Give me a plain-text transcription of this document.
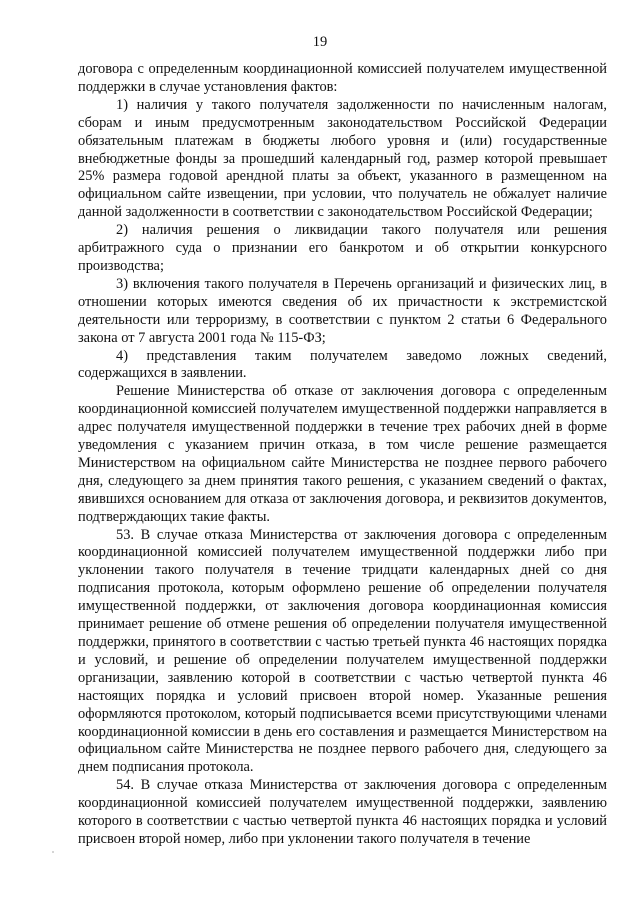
19

договора с определенным координационной комиссией получателем имущественной поддержки в случае установления фактов:

1) наличия у такого получателя задолженности по начисленным налогам, сборам и иным предусмотренным законодательством Российской Федерации обязательным платежам в бюджеты любого уровня и (или) государственные внебюджетные фонды за прошедший календарный год, размер которой превышает 25% размера годовой арендной платы за объект, указанного в размещенном на официальном сайте извещении, при условии, что получатель не обжалует наличие данной задолженности в соответствии с законодательством Российской Федерации;

2) наличия решения о ликвидации такого получателя или решения арбитражного суда о признании его банкротом и об открытии конкурсного производства;

3) включения такого получателя в Перечень организаций и физических лиц, в отношении которых имеются сведения об их причастности к экстремистской деятельности или терроризму, в соответствии с пунктом 2 статьи 6 Федерального закона от 7 августа 2001 года № 115-ФЗ;

4) представления таким получателем заведомо ложных сведений, содержащихся в заявлении.

Решение Министерства об отказе от заключения договора с определенным координационной комиссией получателем имущественной поддержки направляется в адрес получателя имущественной поддержки в течение трех рабочих дней в форме уведомления с указанием причин отказа, в том числе решение размещается Министерством на официальном сайте Министерства не позднее первого рабочего дня, следующего за днем принятия такого решения, с указанием сведений о фактах, явившихся основанием для отказа от заключения договора, и реквизитов документов, подтверждающих такие факты.

53. В случае отказа Министерства от заключения договора с определенным координационной комиссией получателем имущественной поддержки либо при уклонении такого получателя в течение тридцати календарных дней со дня подписания протокола, которым оформлено решение об определении получателя имущественной поддержки, от заключения договора координационная комиссия принимает решение об отмене решения об определении получателя имущественной поддержки, принятого в соответствии с частью третьей пункта 46 настоящих порядка и условий, и решение об определении получателем имущественной поддержки организации, заявлению которой в соответствии с частью четвертой пункта 46 настоящих порядка и условий присвоен второй номер. Указанные решения оформляются протоколом, который подписывается всеми присутствующими членами координационной комиссии в день его составления и размещается Министерством на официальном сайте Министерства не позднее первого рабочего дня, следующего за днем подписания протокола.

54. В случае отказа Министерства от заключения договора с определенным координационной комиссией получателем имущественной поддержки, заявлению которого в соответствии с частью четвертой пункта 46 настоящих порядка и условий присвоен второй номер, либо при уклонении такого получателя в течение
